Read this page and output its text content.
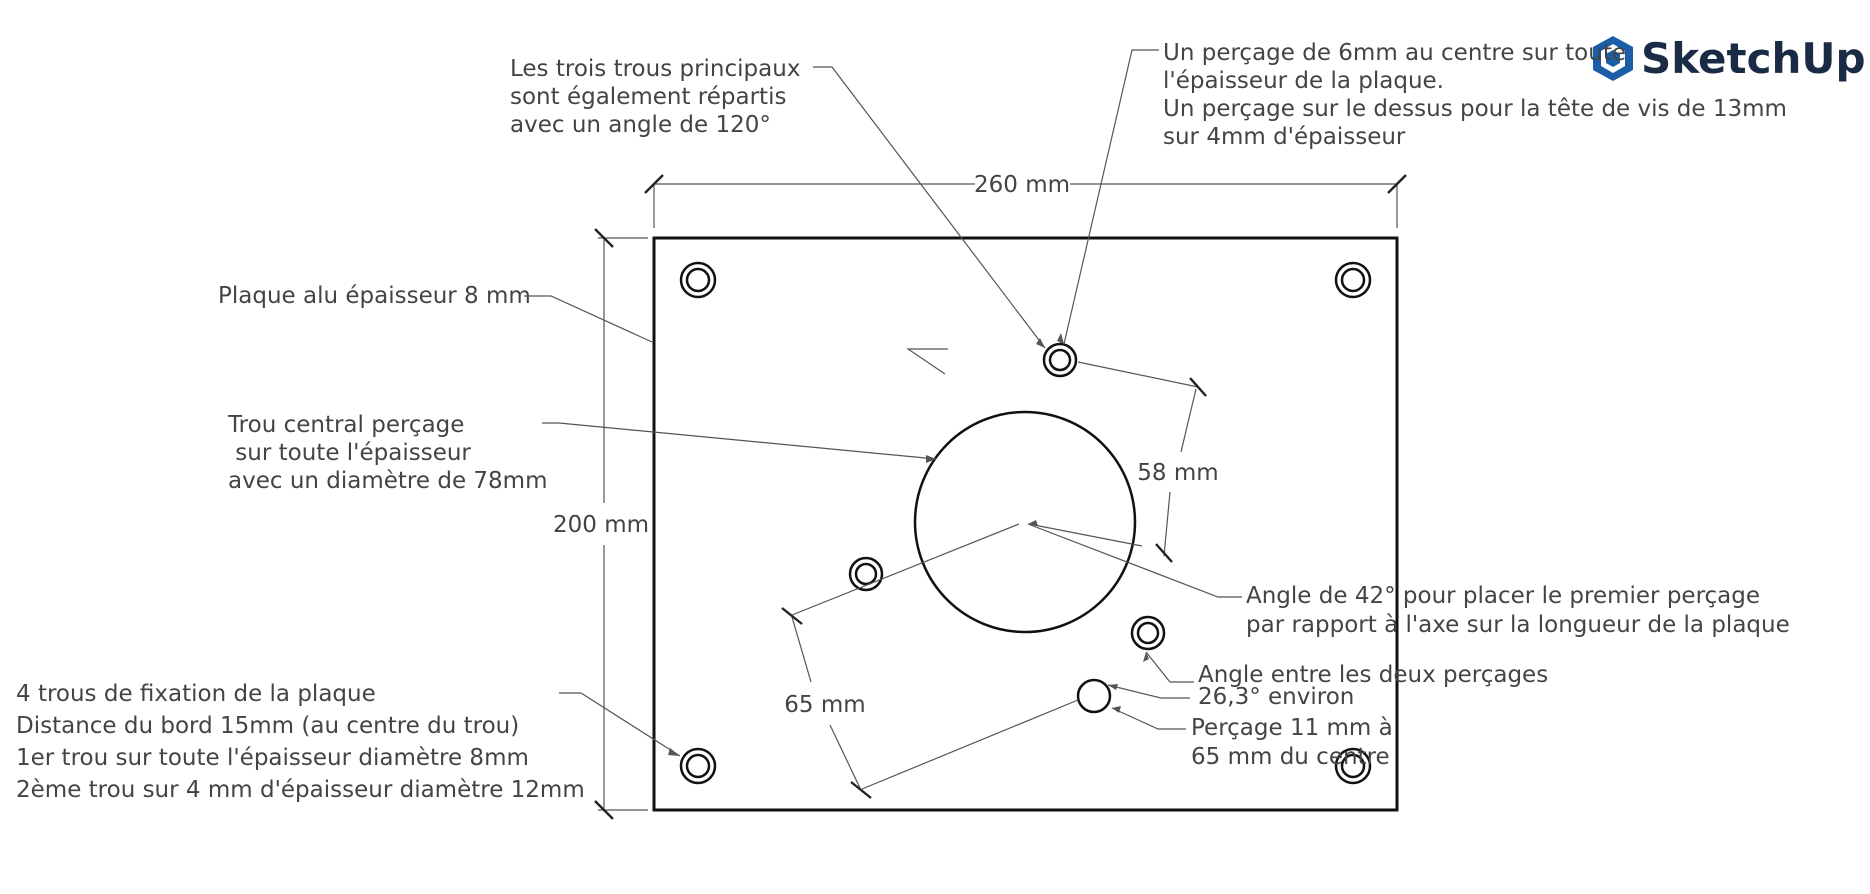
SketchUp
260 mm
200 mm
58 mm
65 mm
Les trois trous principaux sont également répartis avec un angle de 120°
Un perçage de 6mm au centre sur toute l'épaisseur de la plaque. Un perçage sur le dessus pour la tête de vis de 13mm sur 4mm d'épaisseur
Plaque alu épaisseur 8 mm
Trou central perçage      sur toute l'épaisseur avec un diamètre de 78mm
4 trous de fixation de la plaque Distance du bord 15mm (au centre du trou) 1er trou sur toute l'épaisseur diamètre 8mm 2ème trou sur 4 mm d'épaisseur diamètre 12mm
Angle de 42° pour placer le premier perçage par rapport à l'axe sur la longueur de la plaque
Angle entre les deux perçages 26,3° environ
Perçage 11 mm à 65 mm du centre
